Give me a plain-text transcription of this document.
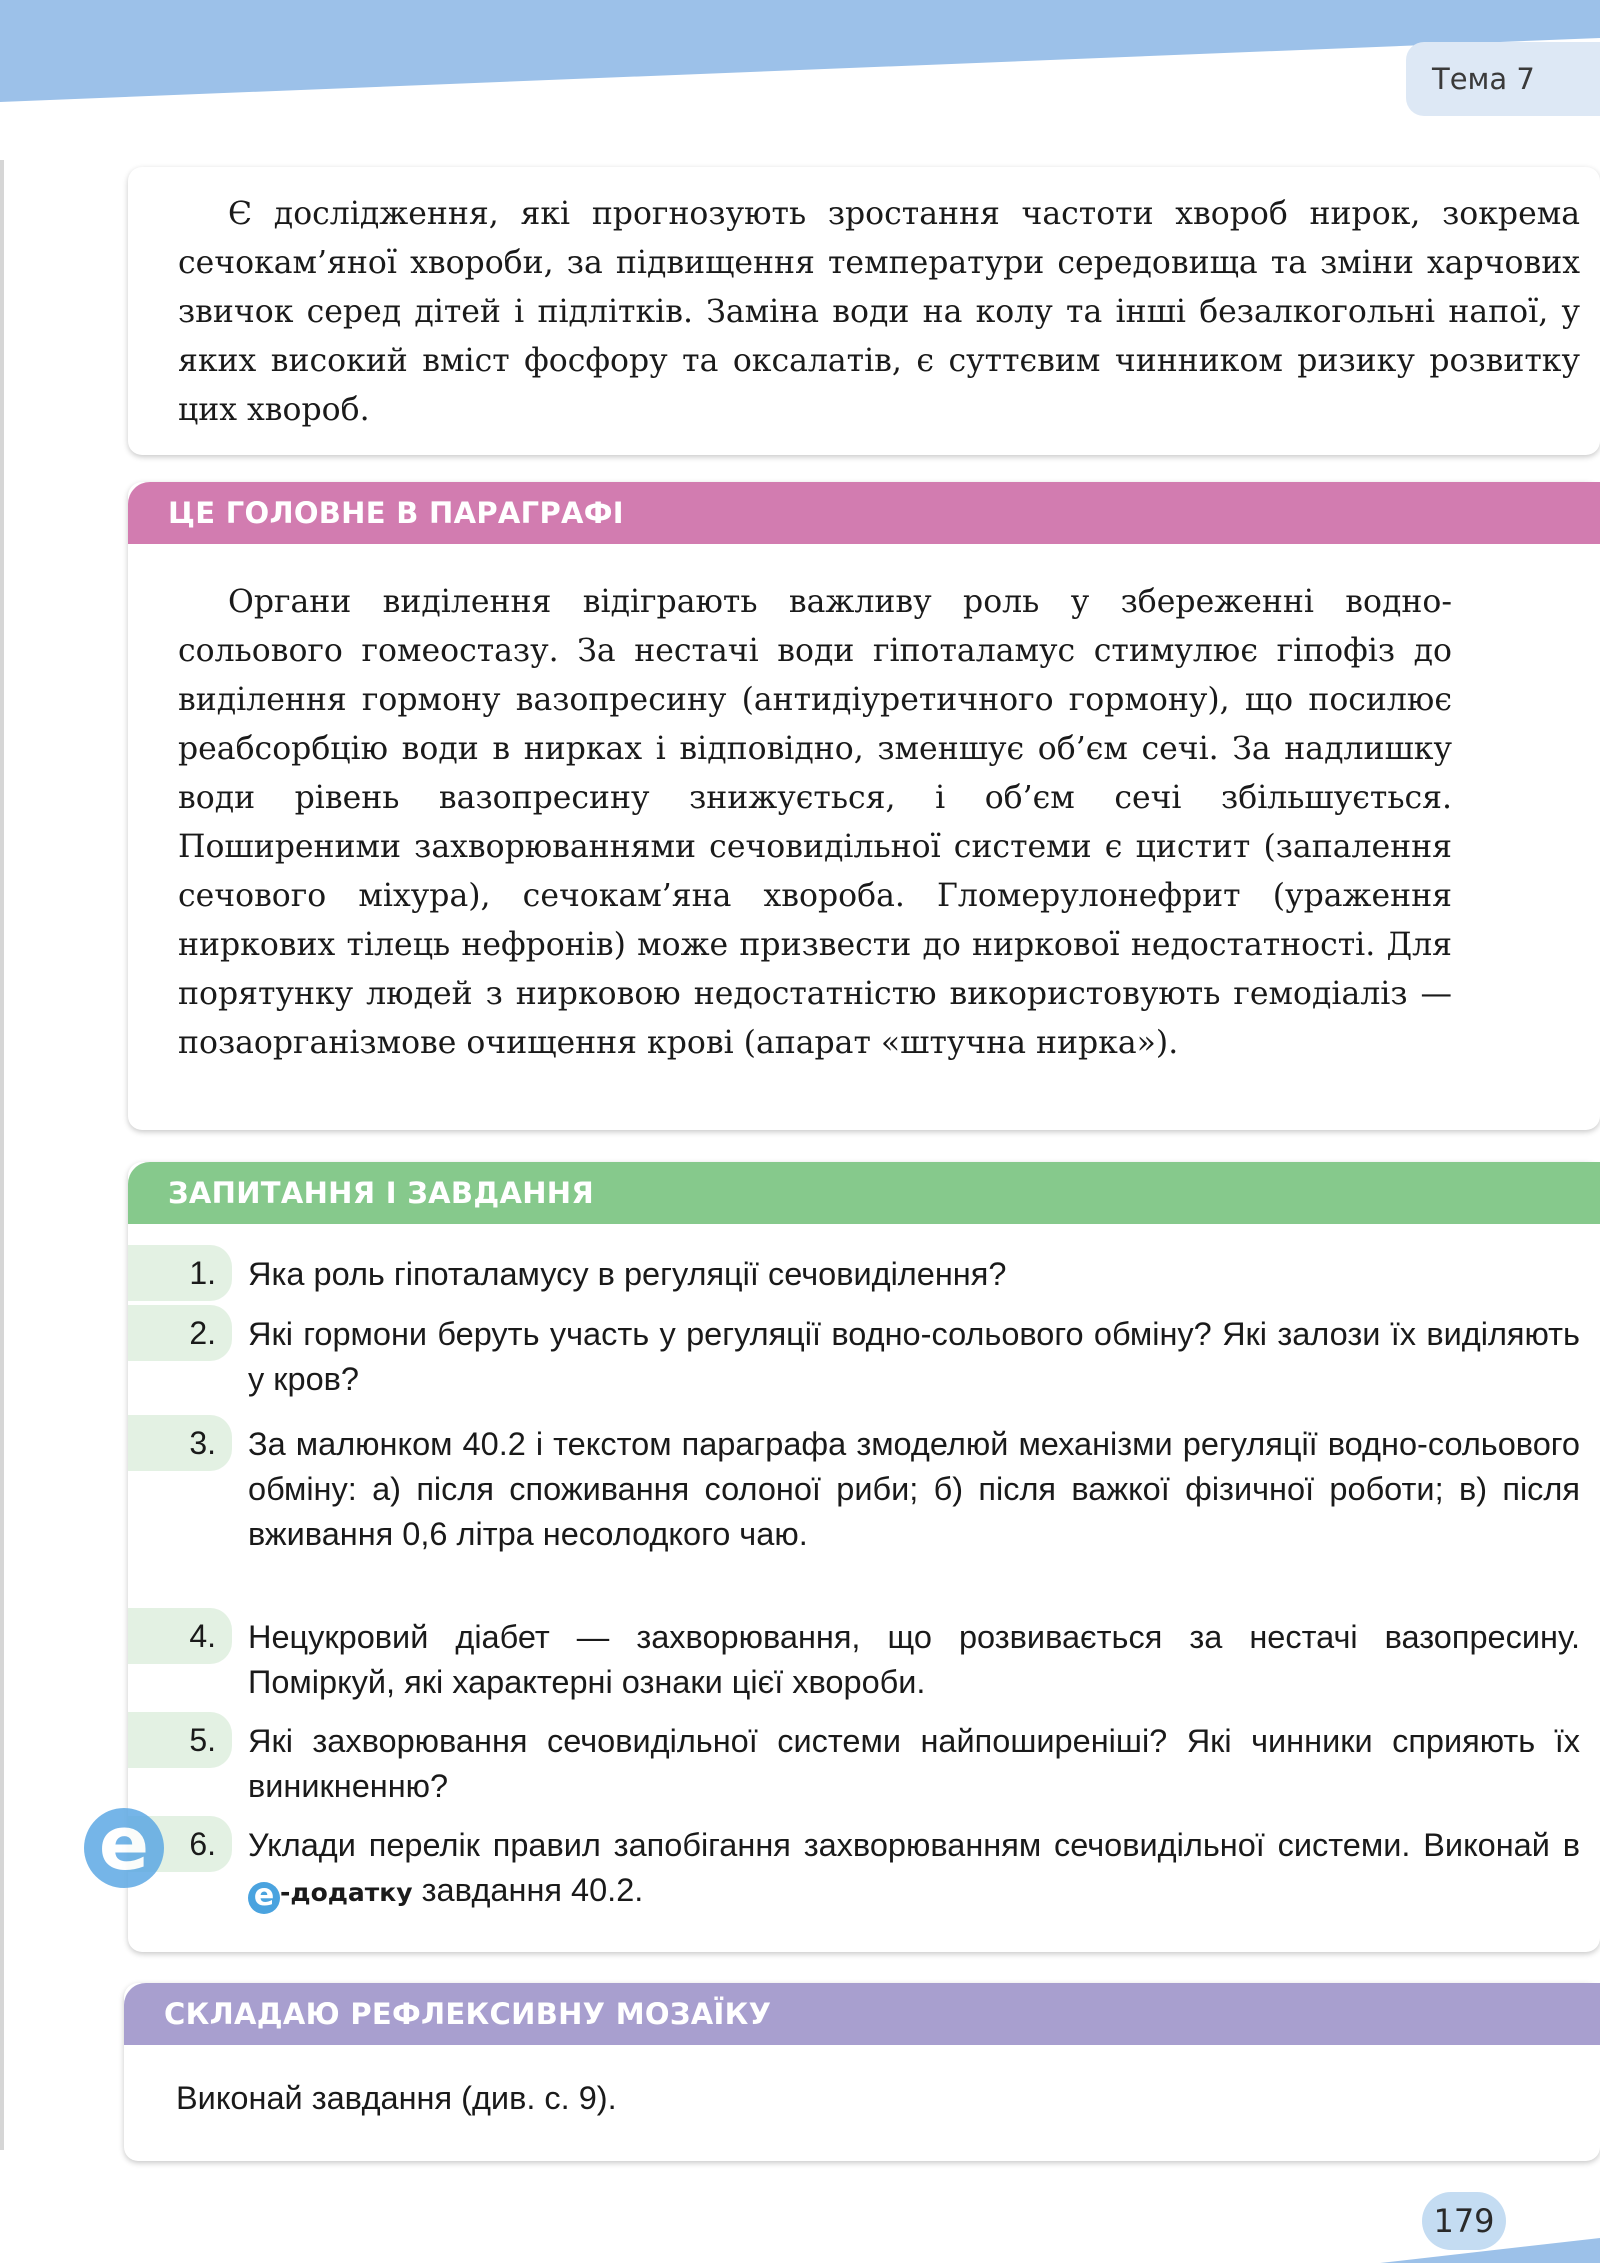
Тема 7

Є дослідження, які прогнозують зростання частоти хвороб нирок, зокрема сечокам’яної хвороби, за підвищення температури середовища та зміни харчових звичок серед дітей і підлітків. Заміна води на колу та інші безалкогольні напої, у яких високий вміст фосфору та оксалатів, є суттєвим чинником ризику розвитку цих хвороб.

ЦЕ ГОЛОВНЕ В ПАРАГРАФІ

Органи виділення відіграють важливу роль у збереженні водно-сольового гомеостазу. За нестачі води гіпоталамус стимулює гіпофіз до виділення гормону вазопресину (антидіуретичного гормону), що посилює реабсорбцію води в нирках і відповідно, зменшує об’єм сечі. За надлишку води рівень вазопресину знижується, і об’єм сечі збільшується. Поширеними захворюваннями сечовидільної системи є цистит (запалення сечового міхура), сечокам’яна хвороба. Гломерулонефрит (ураження ниркових тілець нефронів) може призвести до ниркової недостатності. Для порятунку людей з нирковою недостатністю використовують гемодіаліз — позаорганізмове очищення крові (апарат «штучна нирка»).

ЗАПИТАННЯ І ЗАВДАННЯ
1. Яка роль гіпоталамусу в регуляції сечовиділення?
2. Які гормони беруть участь у регуляції водно-сольового обміну? Які залози їх виділяють у кров?
3. За малюнком 40.2 і текстом параграфа змоделюй механізми регуляції водно-сольового обміну: а) після споживання солоної риби; б) після важкої фізичної роботи; в) після вживання 0,6 літра несолодкого чаю.
4. Нецукровий діабет — захворювання, що розвивається за нестачі вазопресину. Поміркуй, які характерні ознаки цієї хвороби.
5. Які захворювання сечовидільної системи найпоширеніші? Які чинники сприяють їх виникненню?
6. Уклади перелік правил запобігання захворюванням сечовидільної системи. Виконай в e -додатку завдання 40.2.
e
СКЛАДАЮ РЕФЛЕКСИВНУ МОЗАЇКУ
Виконай завдання (див. с. 9).
179
